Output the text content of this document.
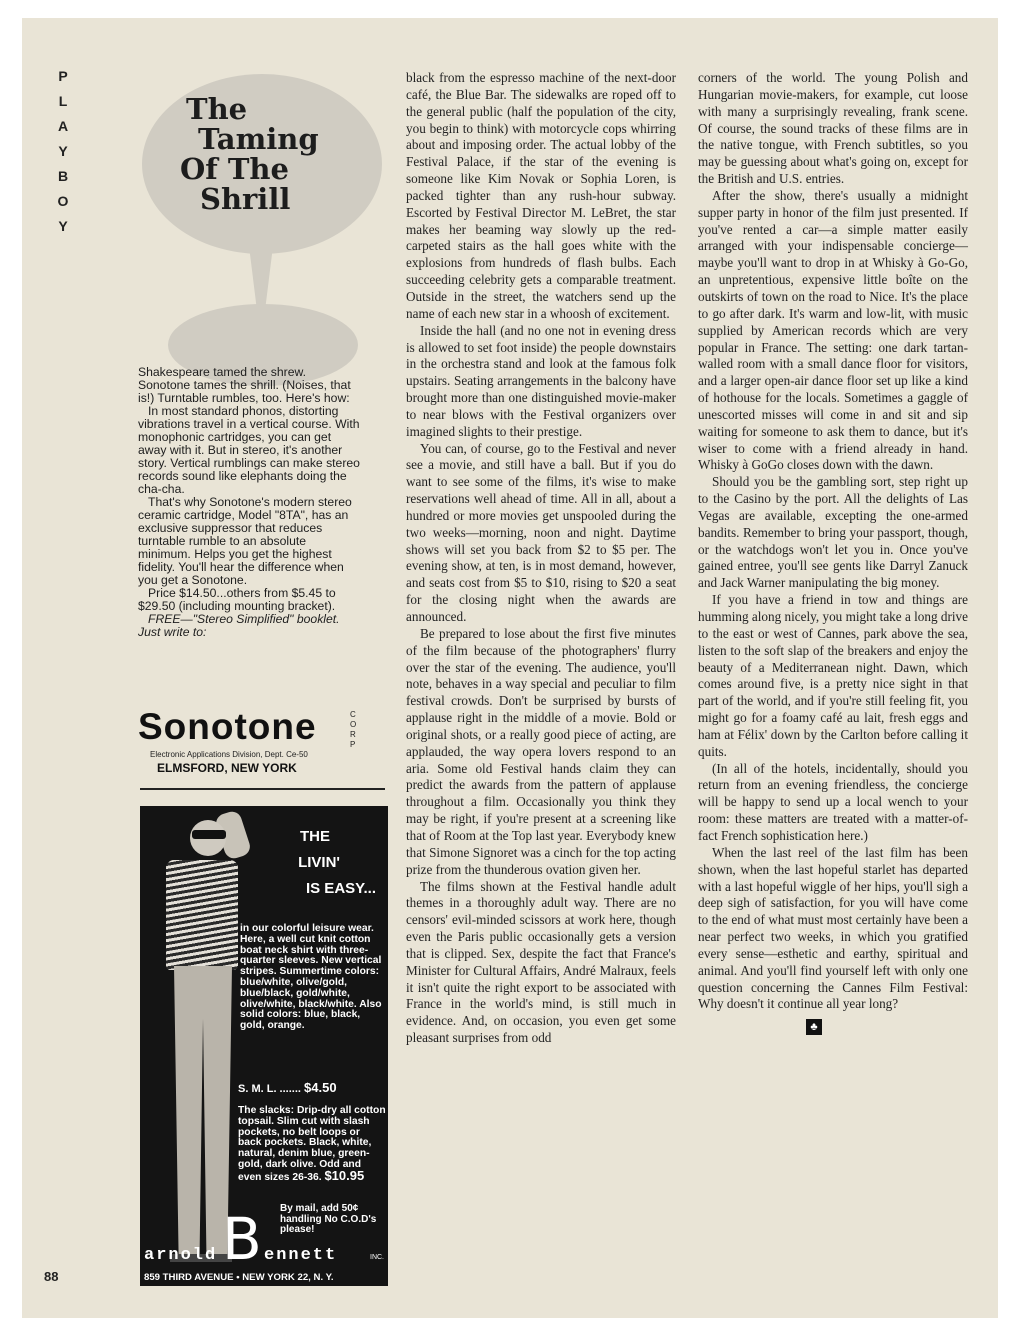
P
L
A
Y
B
O
Y
88
The
Taming
Of The
Shrill

Shakespeare tamed the shrew. Sonotone tames the shrill. (Noises, that is!) Turntable rumbles, too. Here's how:

In most standard phonos, distorting vibrations travel in a vertical course. With monophonic cartridges, you can get away with it. But in stereo, it's another story. Vertical rumblings can make stereo records sound like elephants doing the cha-cha.

That's why Sonotone's modern stereo ceramic cartridge, Model "8TA", has an exclusive suppressor that reduces turntable rumble to an absolute minimum. Helps you get the highest fidelity. You'll hear the difference when you get a Sonotone.

Price $14.50...others from $5.45 to $29.50 (including mounting bracket).

FREE—"Stereo Simplified" booklet. Just write to:

Sonotone	C
O
R
P
Electronic Applications Division, Dept. Ce-50
ELMSFORD, NEW YORK
THE
LIVIN'
IS EASY...

in our colorful leisure wear. Here, a well cut knit cotton boat neck shirt with three-quarter sleeves. New vertical stripes. Summertime colors: blue/white, olive/gold, blue/black, gold/white, olive/white, black/white. Also solid colors: blue, black, gold, orange.

S. M. L. ....... $4.50
The slacks: Drip-dry all cotton topsail. Slim cut with slash pockets, no belt loops or back pockets. Black, white, natural, denim blue, green-gold, dark olive. Odd and even sizes 26-36. $10.95
By mail, add 50¢ handling No C.O.D's please!
arnold B ennett	INC.
859 THIRD AVENUE • NEW YORK 22, N. Y.

black from the espresso machine of the next-door café, the Blue Bar. The sidewalks are roped off to the general public (half the population of the city, you begin to think) with motorcycle cops whirring about and imposing order. The actual lobby of the Festival Palace, if the star of the evening is someone like Kim Novak or Sophia Loren, is packed tighter than any rush-hour subway. Escorted by Festival Director M. LeBret, the star makes her beaming way slowly up the red-carpeted stairs as the hall goes white with the explosions from hundreds of flash bulbs. Each succeeding celebrity gets a comparable treatment. Outside in the street, the watchers send up the name of each new star in a whoosh of excitement.

Inside the hall (and no one not in evening dress is allowed to set foot inside) the people downstairs in the orchestra stand and look at the famous folk upstairs. Seating arrangements in the balcony have brought more than one distinguished movie-maker to near blows with the Festival organizers over imagined slights to their prestige.

You can, of course, go to the Festival and never see a movie, and still have a ball. But if you do want to see some of the films, it's wise to make reservations well ahead of time. All in all, about a hundred or more movies get unspooled during the two weeks—morning, noon and night. Daytime shows will set you back from $2 to $5 per. The evening show, at ten, is in most demand, however, and seats cost from $5 to $10, rising to $20 a seat for the closing night when the awards are announced.

Be prepared to lose about the first five minutes of the film because of the photographers' flurry over the star of the evening. The audience, you'll note, behaves in a way special and peculiar to film festival crowds. Don't be surprised by bursts of applause right in the middle of a movie. Bold or original shots, or a really good piece of acting, are applauded, the way opera lovers respond to an aria. Some old Festival hands claim they can predict the awards from the pattern of applause throughout a film. Occasionally you think they may be right, if you're present at a screening like that of Room at the Top last year. Everybody knew that Simone Signoret was a cinch for the top acting prize from the thunderous ovation given her.

The films shown at the Festival handle adult themes in a thoroughly adult way. There are no censors' evil-minded scissors at work here, though even the Paris public occasionally gets a version that is clipped. Sex, despite the fact that France's Minister for Cultural Affairs, André Malraux, feels it isn't quite the right export to be associated with France in the world's mind, is still much in evidence. And, on occasion, you even get some pleasant surprises from odd

corners of the world. The young Polish and Hungarian movie-makers, for example, cut loose with many a surprisingly revealing, frank scene. Of course, the sound tracks of these films are in the native tongue, with French subtitles, so you may be guessing about what's going on, except for the British and U.S. entries.

After the show, there's usually a midnight supper party in honor of the film just presented. If you've rented a car—a simple matter easily arranged with your indispensable concierge—maybe you'll want to drop in at Whisky à Go-Go, an unpretentious, expensive little boîte on the outskirts of town on the road to Nice. It's the place to go after dark. It's warm and low-lit, with music supplied by American records which are very popular in France. The setting: one dark tartan-walled room with a small dance floor for visitors, and a larger open-air dance floor set up like a kind of hothouse for the locals. Sometimes a gaggle of unescorted misses will come in and sit and sip waiting for someone to ask them to dance, but it's wiser to come with a friend already in hand. Whisky à GoGo closes down with the dawn.

Should you be the gambling sort, step right up to the Casino by the port. All the delights of Las Vegas are available, excepting the one-armed bandits. Remember to bring your passport, though, or the watchdogs won't let you in. Once you've gained entree, you'll see gents like Darryl Zanuck and Jack Warner manipulating the big money.

If you have a friend in tow and things are humming along nicely, you might take a long drive to the east or west of Cannes, park above the sea, listen to the soft slap of the breakers and enjoy the beauty of a Mediterranean night. Dawn, which comes around five, is a pretty nice sight in that part of the world, and if you're still feeling fit, you might go for a foamy café au lait, fresh eggs and ham at Félix' down by the Carlton before calling it quits.

(In all of the hotels, incidentally, should you return from an evening friendless, the concierge will be happy to send up a local wench to your room: these matters are treated with a matter-of-fact French sophistication here.)

When the last reel of the last film has been shown, when the last hopeful starlet has departed with a last hopeful wiggle of her hips, you'll sigh a deep sigh of satisfaction, for you will have come to the end of what must most certainly have been a near perfect two weeks, in which you gratified every sense—esthetic and earthy, spiritual and animal. And you'll find yourself left with only one question concerning the Cannes Film Festival: Why doesn't it continue all year long?

♣
